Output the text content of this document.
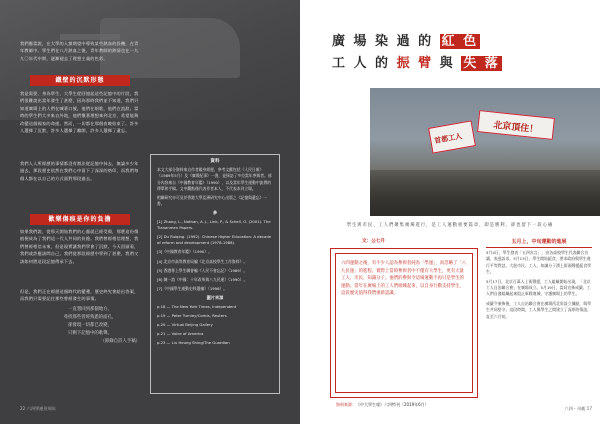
我們應當說，在大學的入黨期望中導致某些熱血的投機，在青年教師中。學生們在八月熱血之後，青年教師的熱情也在一九九〇年代中期，逐漸褪去了理想主義的色彩。
鐵壁的沉默形態
我是需要，身為學生，大學生從回憶起這些記憶中的片段，我們很難說出當年發生了甚麼，因為那時我們並不知道，我們只知道廣場上的人們在喊著口號，他們在唱歌，他們在流淚。當時的學生們大多來自外地，他們懷著理想來到北京，希望能夠改變這個國家的命運。然而，一切都在那個夜晚結束了。許多人選擇了沉默，許多人選擇了離開，許多人選擇了遺忘。
我們人人所經歷的事情都沒有辦法從記憶中抹去，無論多少年過去，那段歷史依然在我們心中留下了深深的烙印，而我們每個人都在以自己的方式面對那段過去。
歡樂傷痕是你的負擔
如果我們說，從那天開始我們的心靈就已經受傷，那麼這份傷痕便成為了我們這一代人共同的負擔。我們曾經相信理想，我們曾經相信未來，但是現實讓我們學會了沉默。今天回頭看，我們或許應該問自己，我們從那段經歷中學到了甚麼，我們又該如何將這段記憶傳承下去。
但是，我們正在經歷這個時代的變遷，歷史終究會給出答案，而我們只需要記住那些曾經發生的事情。
一直想回到那個地方，
尋找那些曾經熟悉的面孔，
卻發現一切都已改變，
只剩下記憶中的歌聲。
（節錄自詩人手稿）
資料

本文大部分資料來自作者親身經歷，參考文獻包括《人民日報》（1989年5月）及《廣場紀事》一書，並採訪了多位當年參與者。部分內容來自《中國教育年鑑》（1990），以及當年學生運動中流傳的傳單和手稿。文中觀點僅代表作者本人，不代表本刊立場。

相關研究亦可見於香港大學亞洲研究中心出版之《記憶與遺忘》一書。

參

[1] Zhang, L., Nathan, A. J., Link, P., & Schell, O. (2001). The Tiananmen Papers.

[2] Du Ruiqing. (1992). Chinese Higher Education: A decade of reform and development (1978-1988).

[3]《中國教育年鑑》（1990）。

[4] 北京市高等教育局編《北京高校學生工作資料》。

[5] 香港專上學生聯會編《人民不會忘記》（1989）。

[6] 陳一諮《中國：十年改革與八九民運》（1990）。

[7]《中國學生運動史料選編》（1996）。

圖片來源

p.18 — The New York Times, Independent

p.19 — Peter Turnley/Corbis, Reuters

p.20 — Virtual Beijing Gallery

p.21 — Voice of America

p.23 — Liu Heung Shing/The Guardian

22 六四學運卅周年
廣 場 染 過 的 紅 色
工 人 的 振 臂 與 失 落
首都工人
北京頂住！
學生與市民、工人們聚集廣場遊行，是工人運動重要篇章，即是勝利，卻也留下一段心痛
文：公七升	五月上，中旬運動的進展
六四運動之後，有不少人認為參與者純為「學運」，而忽略了「八九民運」的進程。實際上當時參與者中不僅有大學生，更有大量工人、市民、知識分子。他們的參與令這場運動不再只是學生的運動。當年在廣場上的工人們組織起來，以自身行動支持學生，這段歷史值得我們重新認識。

5月4日，學生發表「五四宣言」，由各高校學生代表聯合宣讀，表達訴求。5月13日，學生開始絕食，要求政府與學生進行平等對話。大批市民、工人、知識分子湧上街頭聲援絕食學生。

5月17日，北京百萬人上街聲援，工人組織開始出現，「北京工人自治聯合會」在廣場成立。5月19日，當局宣佈戒嚴，工人們自發組織起來阻止軍隊進城，守護廣場上的學生。

戒嚴令頒佈後，工人自治聯合會在廣場西北角設立據點，與學生共同堅守。這段時間，工人與學生之間建立了深厚的情誼，直至六月初。

資料來源：《中大學生報》六四特刊（2019年6月）
六四・卅載 17
